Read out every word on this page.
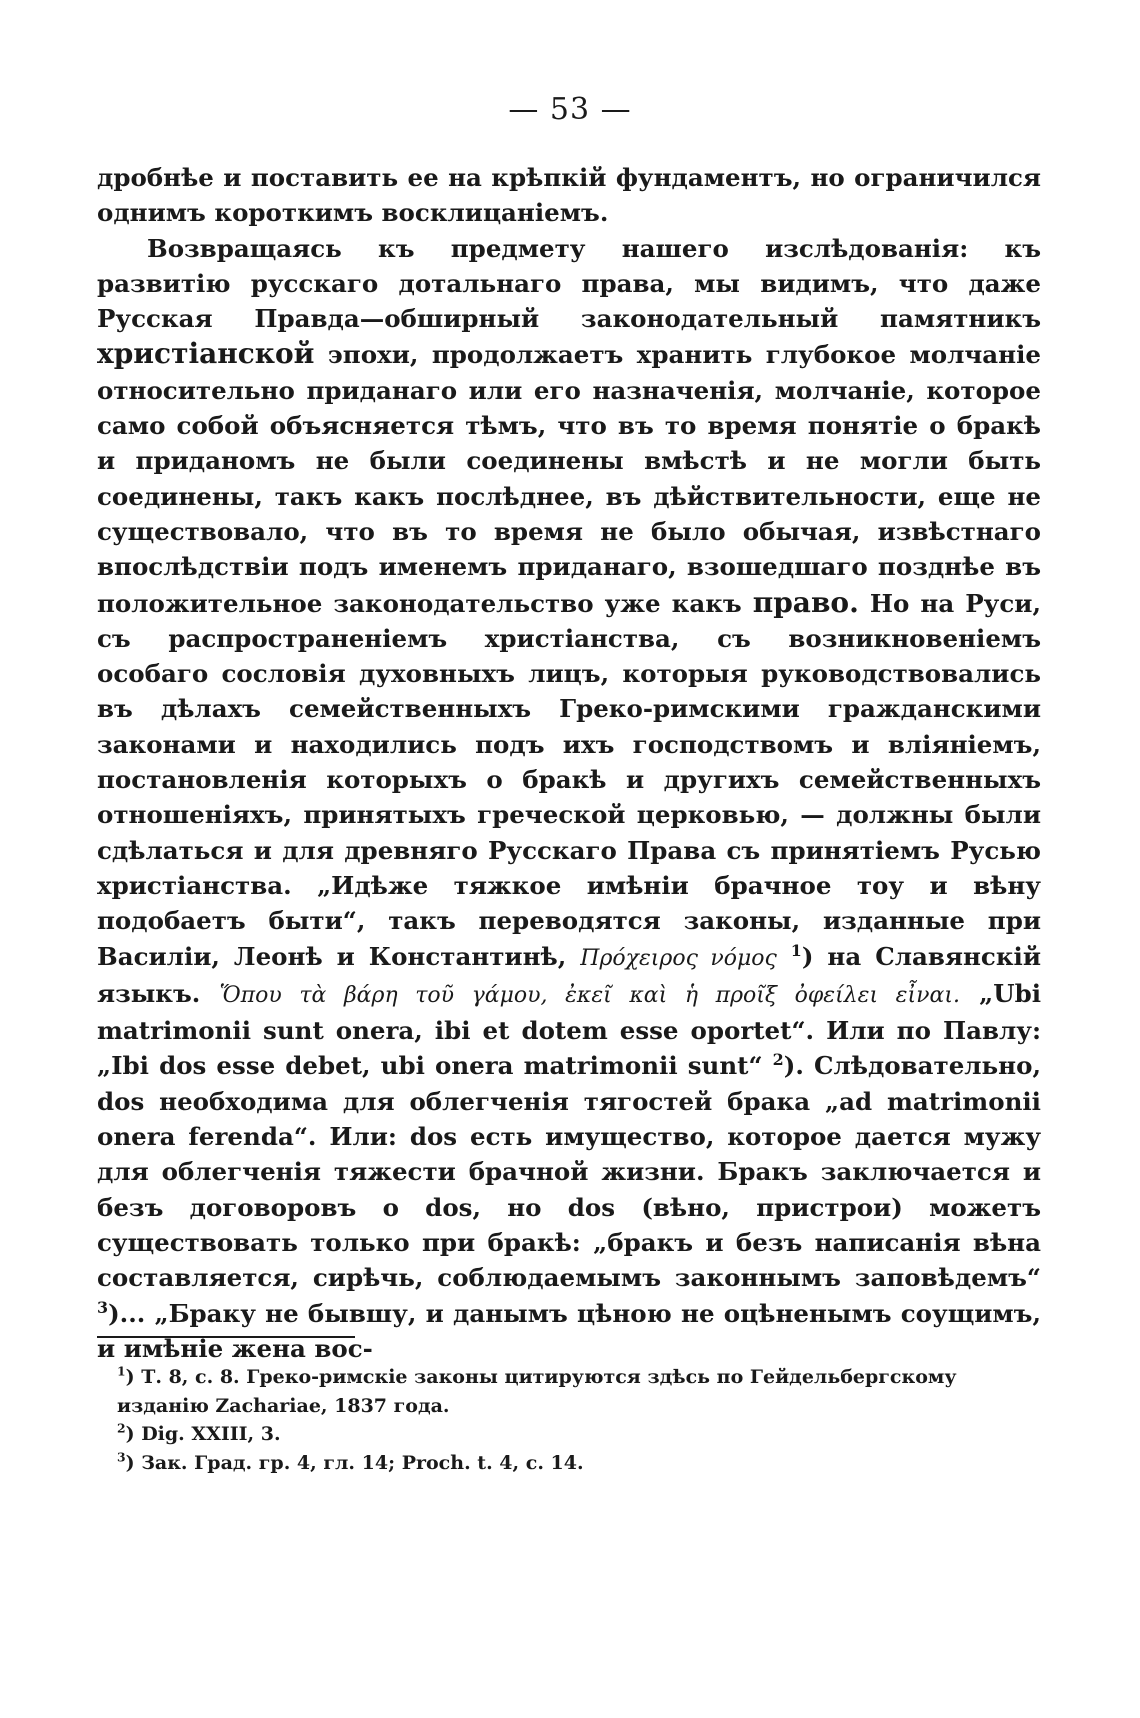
— 53 —

дробнѣе и поставить ее на крѣпкій фундаментъ, но ограничился однимъ короткимъ восклицаніемъ.

Возвращаясь къ предмету нашего изслѣдованія: къ развитію русскаго дотальнаго права, мы видимъ, что даже Русская Правда—обширный законодательный памятникъ христіанской эпохи, продолжаетъ хранить глубокое молчаніе относительно приданаго или его назначенія, молчаніе, которое само собой объясняется тѣмъ, что въ то время понятіе о бракѣ и приданомъ не были соединены вмѣстѣ и не могли быть соединены, такъ какъ послѣднее, въ дѣйствительности, еще не существовало, что въ то время не было обычая, извѣстнаго впослѣдствіи подъ именемъ приданаго, взошедшаго позднѣе въ положительное законодательство уже какъ право. Но на Руси, съ распространеніемъ христіанства, съ возникновеніемъ особаго сословія духовныхъ лицъ, которыя руководствовались въ дѣлахъ семейственныхъ Греко-римскими гражданскими законами и находились подъ ихъ господствомъ и вліяніемъ, постановленія которыхъ о бракѣ и другихъ семейственныхъ отношеніяхъ, принятыхъ греческой церковью, — должны были сдѣлаться и для древняго Русскаго Права съ принятіемъ Русью христіанства. „Идѣже тяжкое имѣніи брачное тоу и вѣну подобаетъ быти“, такъ переводятся законы, изданные при Василіи, Леонѣ и Константинѣ, Πρόχειρος νόμος $^1$) на Славянскій языкъ. Ὅπου τὰ βάρη τοῦ γάμου, ἐκεῖ καὶ ἡ προῖξ ὀφείλει εἶναι. „Ubi matrimonii sunt onera, ibi et dotem esse oportet“. Или по Павлу: „Ibi dos esse debet, ubi onera matrimonii sunt“ $^2$). Слѣдовательно, dos необходима для облегченія тягостей брака „ad matrimonii onera ferenda“. Или: dos есть имущество, которое дается мужу для облегченія тяжести брачной жизни. Бракъ заключается и безъ договоровъ о dos, но dos (вѣно, пристрои) можетъ существовать только при бракѣ: „бракъ и безъ написанія вѣна составляется, сирѣчь, соблюдаемымъ законнымъ заповѣдемъ“ $^3$)... „Браку не бывшу, и данымъ цѣною не оцѣненымъ соущимъ, и имѣніе жена вос-

$^1$) Т. 8, с. 8. Греко-римскіе законы цитируются здѣсь по Гейдельбергскому изданію Zachariae, 1837 года.

$^2$) Dig. XXIII, 3.

$^3$) Зак. Град. гр. 4, гл. 14; Proch. t. 4, c. 14.
